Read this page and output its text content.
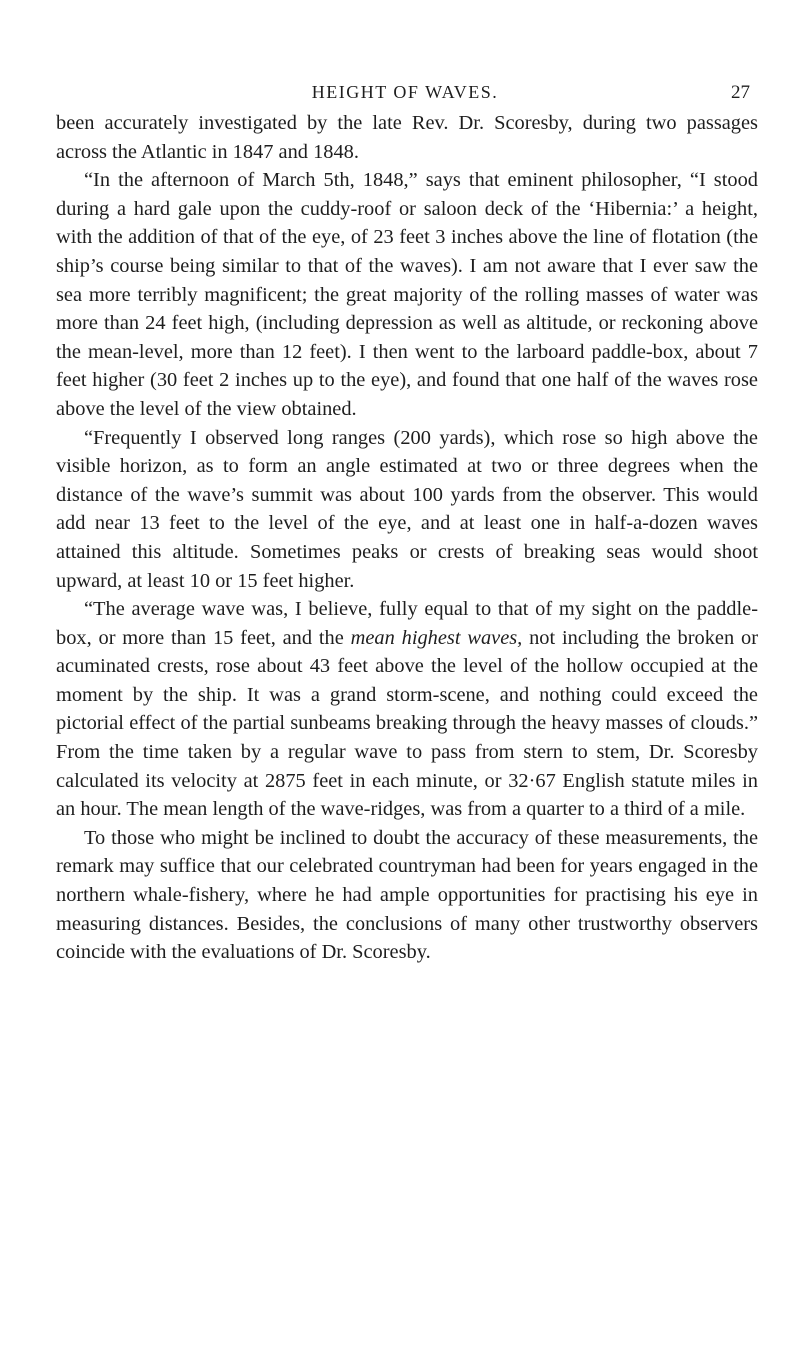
HEIGHT OF WAVES.	27

been accurately investigated by the late Rev. Dr. Scoresby, during two passages across the Atlantic in 1847 and 1848.

“In the afternoon of March 5th, 1848,” says that eminent philosopher, “I stood during a hard gale upon the cuddy-roof or saloon deck of the ‘Hibernia:’ a height, with the addition of that of the eye, of 23 feet 3 inches above the line of flotation (the ship’s course being similar to that of the waves). I am not aware that I ever saw the sea more terribly magnificent; the great majority of the rolling masses of water was more than 24 feet high, (including depression as well as altitude, or reckoning above the mean-level, more than 12 feet). I then went to the larboard paddle-box, about 7 feet higher (30 feet 2 inches up to the eye), and found that one half of the waves rose above the level of the view obtained.

“Frequently I observed long ranges (200 yards), which rose so high above the visible horizon, as to form an angle estimated at two or three degrees when the distance of the wave’s summit was about 100 yards from the observer. This would add near 13 feet to the level of the eye, and at least one in half-a-dozen waves attained this altitude. Sometimes peaks or crests of breaking seas would shoot upward, at least 10 or 15 feet higher.

“The average wave was, I believe, fully equal to that of my sight on the paddle-box, or more than 15 feet, and the mean highest waves, not including the broken or acuminated crests, rose about 43 feet above the level of the hollow occupied at the moment by the ship. It was a grand storm-scene, and nothing could exceed the pictorial effect of the partial sunbeams breaking through the heavy masses of clouds.” From the time taken by a regular wave to pass from stern to stem, Dr. Scoresby calculated its velocity at 2875 feet in each minute, or 32·67 English statute miles in an hour. The mean length of the wave-ridges, was from a quarter to a third of a mile.

To those who might be inclined to doubt the accuracy of these measurements, the remark may suffice that our celebrated countryman had been for years engaged in the northern whale-fishery, where he had ample opportunities for practising his eye in measuring distances. Besides, the conclusions of many other trustworthy observers coincide with the evaluations of Dr. Scoresby.
